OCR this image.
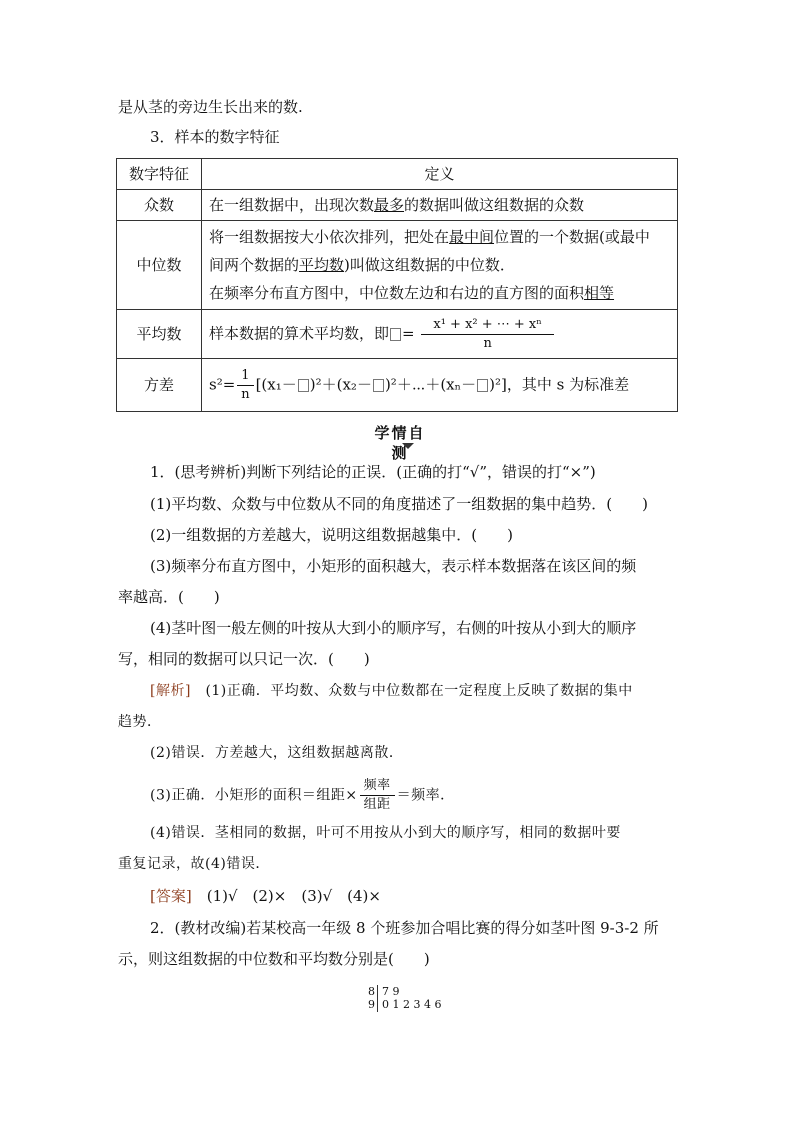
是从茎的旁边生长出来的数.
3．样本的数字特征
数字特征	定义
众数	在一组数据中，出现次数最多的数据叫做这组数据的众数
中位数	将一组数据按大小依次排列，把处在最中间位置的一个数据(或最中
间两个数据的平均数)叫做这组数据的中位数．
在频率分布直方图中，中位数左边和右边的直方图的面积相等

平均数	样本数据的算术平均数，即 = $\frac{\text{x¹ + x² + ⋯ + xⁿ}}{n}$

方差	$s^2= \frac{1}{n} [(x_1- )^2+(x_2-$ )²＋⋯＋(xₙ－ )²]，其中 s 为标准差
学情自测
1．(思考辨析)判断下列结论的正误．(正确的打“√”，错误的打“×”)
(1)平均数、众数与中位数从不同的角度描述了一组数据的集中趋势．(　　)
(2)一组数据的方差越大，说明这组数据越集中．(　　)
(3)频率分布直方图中，小矩形的面积越大，表示样本数据落在该区间的频
率越高．(　　)
(4)茎叶图一般左侧的叶按从大到小的顺序写，右侧的叶按从小到大的顺序
写，相同的数据可以只记一次．(　　)
[解析]　 (1)正确．平均数、众数与中位数都在一定程度上反映了数据的集中
趋势．
(2)错误．方差越大，这组数据越离散．
(3)正确．小矩形的面积＝组距× $\frac{\text{频率}}{\text{组距}}$ ＝频率．
(4)错误．茎相同的数据，叶可不用按从小到大的顺序写，相同的数据叶要
重复记录，故(4)错误．
[答案]　 (1)√　(2)×　(3)√　(4)×
2．(教材改编)若某校高一年级 8 个班参加合唱比赛的得分如茎叶图 9-3-2 所
示，则这组数据的中位数和平均数分别是(　　)
8 7 9
9 0 1 2 3 4 6
